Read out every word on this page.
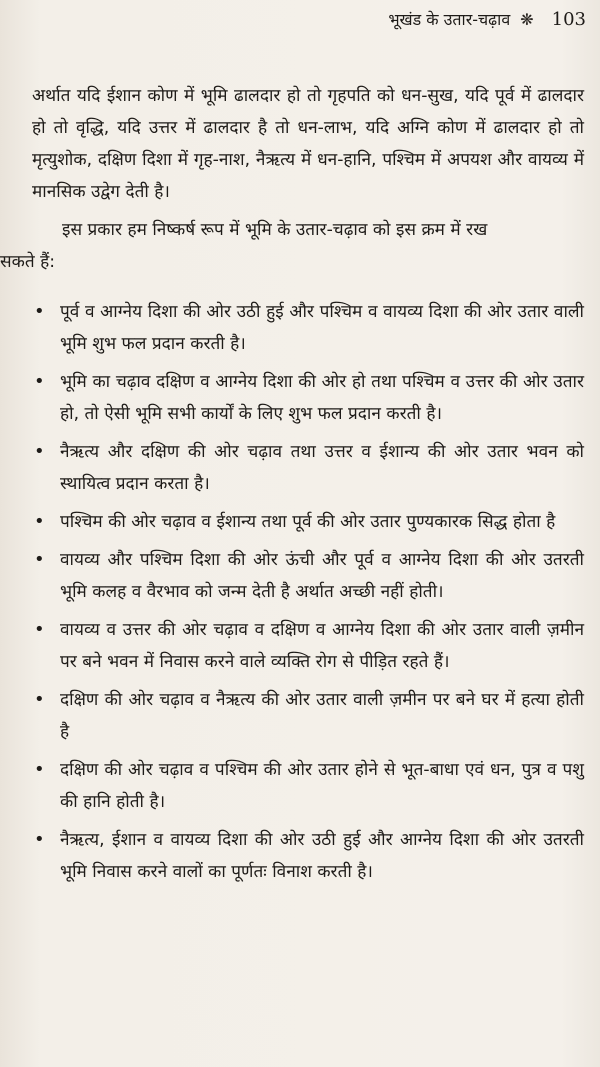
भूखंड के उतार-चढ़ाव ❋ 103

अर्थात यदि ईशान कोण में भूमि ढालदार हो तो गृहपति को धन-सुख, यदि पूर्व में ढालदार हो तो वृद्धि, यदि उत्तर में ढालदार है तो धन-लाभ, यदि अग्नि कोण में ढालदार हो तो मृत्युशोक, दक्षिण दिशा में गृह-नाश, नैऋत्य में धन-हानि, पश्चिम में अपयश और वायव्य में मानसिक उद्वेग देती है।

इस प्रकार हम निष्कर्ष रूप में भूमि के उतार-चढ़ाव को इस क्रम में रख

सकते हैं:

• पूर्व व आग्नेय दिशा की ओर उठी हुई और पश्चिम व वायव्य दिशा की ओर उतार वाली भूमि शुभ फल प्रदान करती है।
• भूमि का चढ़ाव दक्षिण व आग्नेय दिशा की ओर हो तथा पश्चिम व उत्तर की ओर उतार हो, तो ऐसी भूमि सभी कार्यों के लिए शुभ फल प्रदान करती है।
• नैऋत्य और दक्षिण की ओर चढ़ाव तथा उत्तर व ईशान्य की ओर उतार भवन को स्थायित्व प्रदान करता है।
• पश्चिम की ओर चढ़ाव व ईशान्य तथा पूर्व की ओर उतार पुण्यकारक सिद्ध होता है
• वायव्य और पश्चिम दिशा की ओर ऊंची और पूर्व व आग्नेय दिशा की ओर उतरती भूमि कलह व वैरभाव को जन्म देती है अर्थात अच्छी नहीं होती।
• वायव्य व उत्तर की ओर चढ़ाव व दक्षिण व आग्नेय दिशा की ओर उतार वाली ज़मीन पर बने भवन में निवास करने वाले व्यक्ति रोग से पीड़ित रहते हैं।
• दक्षिण की ओर चढ़ाव व नैऋत्य की ओर उतार वाली ज़मीन पर बने घर में हत्या होती है
• दक्षिण की ओर चढ़ाव व पश्चिम की ओर उतार होने से भूत-बाधा एवं धन, पुत्र व पशु की हानि होती है।
• नैऋत्य, ईशान व वायव्य दिशा की ओर उठी हुई और आग्नेय दिशा की ओर उतरती भूमि निवास करने वालों का पूर्णतः विनाश करती है।
